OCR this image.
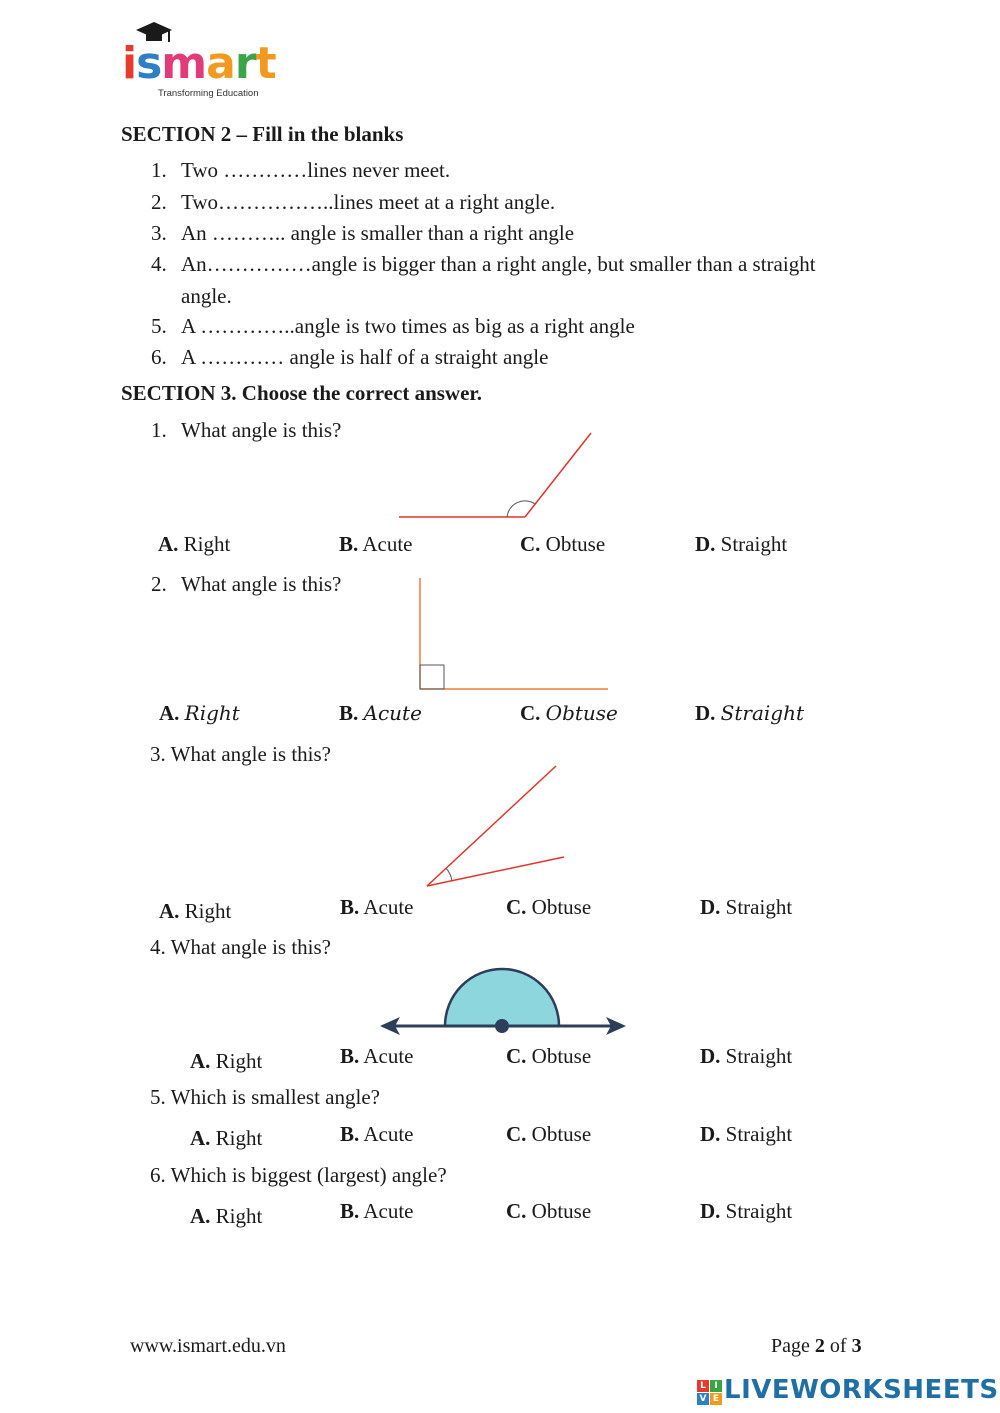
ismart
Transforming Education
SECTION 2 – Fill in the blanks
1. Two …………lines never meet.
2. Two……………..lines meet at a right angle.
3. An ……….. angle is smaller than a right angle
4. An……………angle is bigger than a right angle, but smaller than a straight
angle.
5. A …………..angle is two times as big as a right angle
6. A ………… angle is half of a straight angle
SECTION 3. Choose the correct answer.
1. What angle is this?
A. Right	B. Acute	C. Obtuse	D. Straight
2. What angle is this?
A. Right	B. Acute	C. Obtuse	D. Straight
3. What angle is this?
A. Right	B. Acute	C. Obtuse	D. Straight
4. What angle is this?
A. Right	B. Acute	C. Obtuse	D. Straight
5. Which is smallest angle?
A. Right	B. Acute	C. Obtuse	D. Straight
6. Which is biggest (largest) angle?
A. Right	B. Acute	C. Obtuse	D. Straight
www.ismart.edu.vn	Page 2 of 3
L I
V E LIVEWORKSHEETS
